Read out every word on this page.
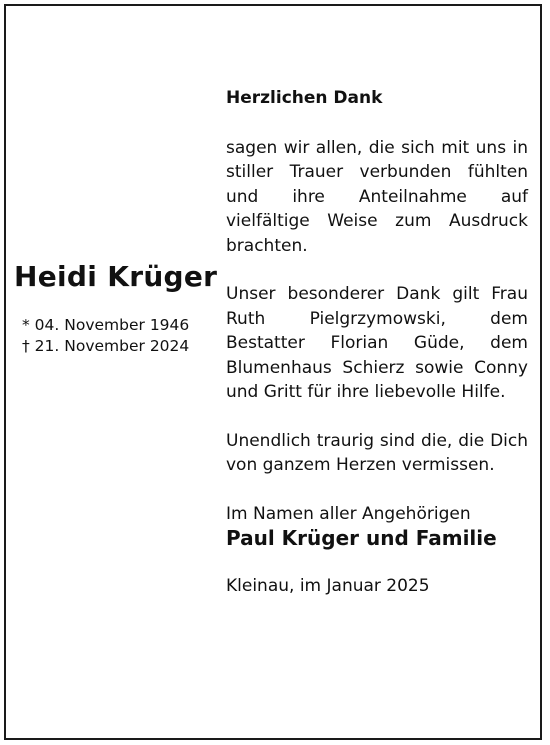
Heidi Krüger
* 04. November 1946
† 21. November 2024

Herzlichen Dank

sagen wir allen, die sich mit uns in stiller Trauer verbunden fühlten und ihre Anteilnahme auf vielfältige Weise zum Ausdruck brachten.

Unser besonderer Dank gilt Frau Ruth Pielgrzymowski, dem Bestatter Florian Güde, dem Blumenhaus Schierz sowie Conny und Gritt für ihre liebevolle Hilfe.

Unendlich traurig sind die, die Dich von ganzem Herzen vermissen.

Im Namen aller Angehörigen

Paul Krüger und Familie

Kleinau, im Januar 2025
